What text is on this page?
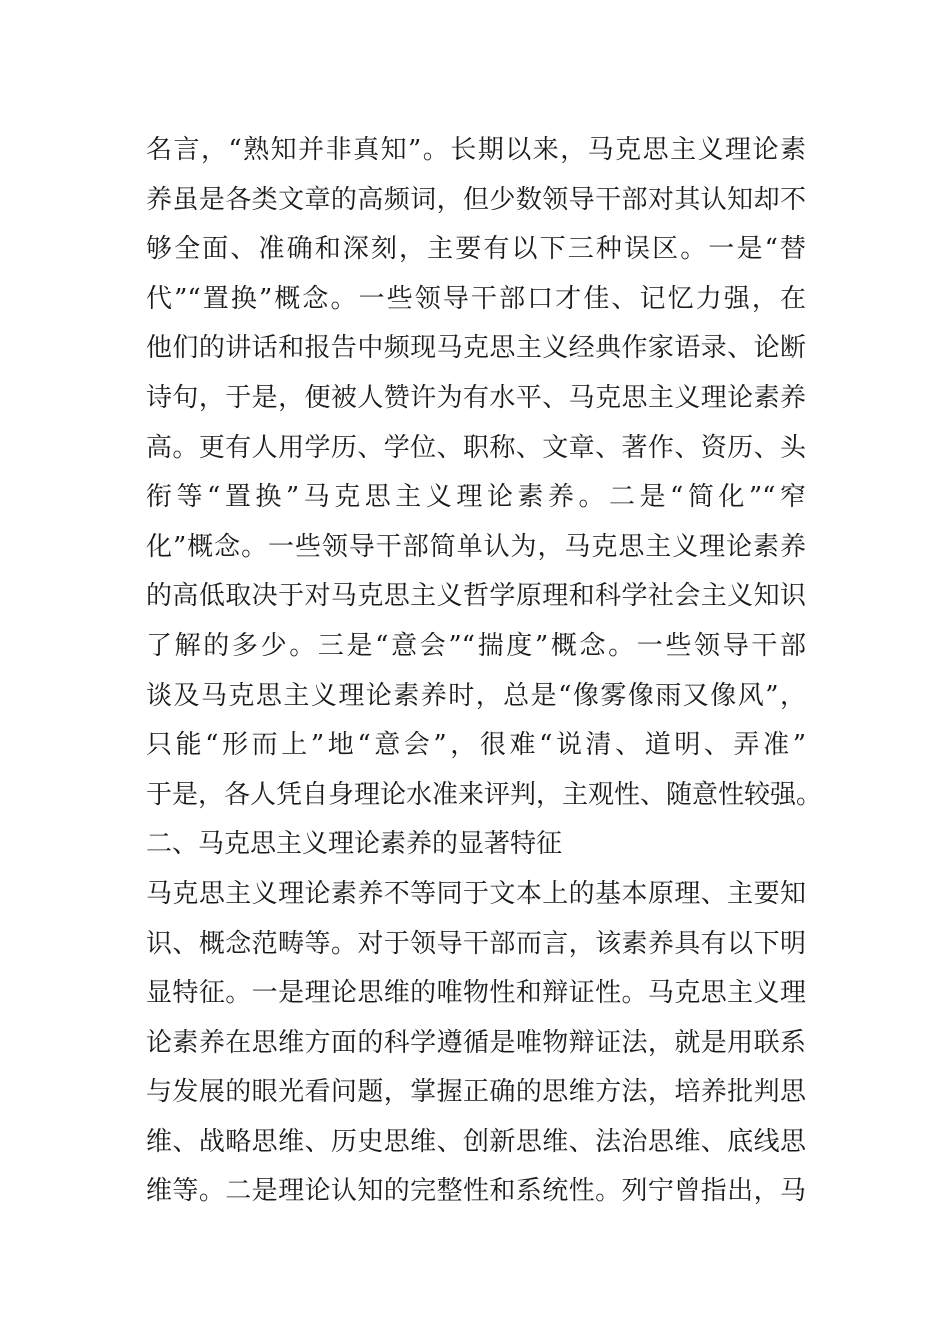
名言，“熟知并非真知”。长期以来，马克思主义理论素
养虽是各类文章的高频词，但少数领导干部对其认知却不
够全面、准确和深刻，主要有以下三种误区。一是“替
代”“置换”概念。一些领导干部口才佳、记忆力强，在
他们的讲话和报告中频现马克思主义经典作家语录、论断
诗句，于是，便被人赞许为有水平、马克思主义理论素养
高。更有人用学历、学位、职称、文章、著作、资历、头
衔等“置换”马克思主义理论素养。二是“简化”“窄
化”概念。一些领导干部简单认为，马克思主义理论素养
的高低取决于对马克思主义哲学原理和科学社会主义知识
了解的多少。三是“意会”“揣度”概念。一些领导干部
谈及马克思主义理论素养时，总是“像雾像雨又像风”，
只能“形而上”地“意会”，很难“说清、道明、弄准”
于是，各人凭自身理论水准来评判，主观性、随意性较强。
二、马克思主义理论素养的显著特征
马克思主义理论素养不等同于文本上的基本原理、主要知
识、概念范畴等。对于领导干部而言，该素养具有以下明
显特征。一是理论思维的唯物性和辩证性。马克思主义理
论素养在思维方面的科学遵循是唯物辩证法，就是用联系
与发展的眼光看问题，掌握正确的思维方法，培养批判思
维、战略思维、历史思维、创新思维、法治思维、底线思
维等。二是理论认知的完整性和系统性。列宁曾指出，马
